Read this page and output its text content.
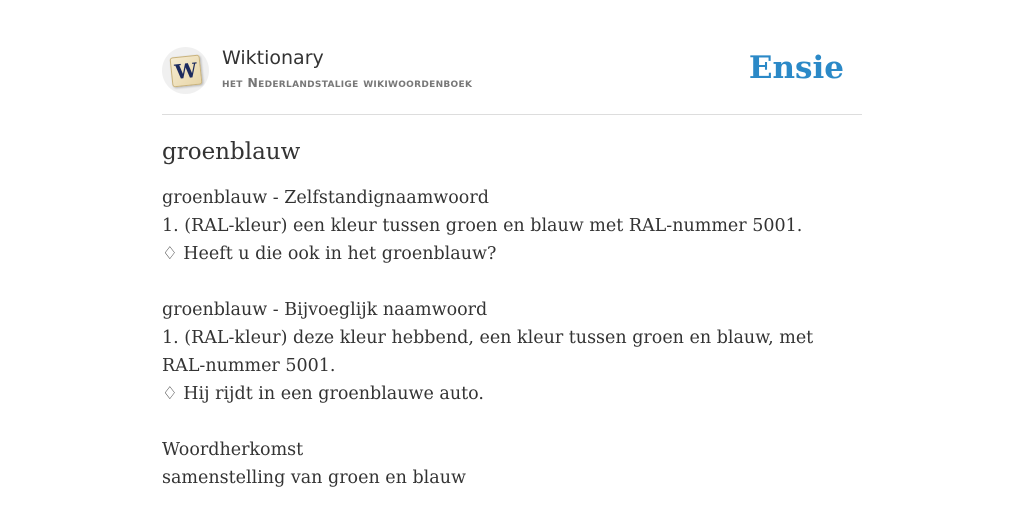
W Wiktionary
het Nederlandstalige wikiwoordenboek	Ensie
groenblauw
groenblauw - Zelfstandignaamwoord
1. (RAL-kleur) een kleur tussen groen en blauw met RAL-nummer 5001.
♢ Heeft u die ook in het groenblauw?
groenblauw - Bijvoeglijk naamwoord
1. (RAL-kleur) deze kleur hebbend, een kleur tussen groen en blauw, met RAL-nummer 5001.
♢ Hij rijdt in een groenblauwe auto.
Woordherkomst
samenstelling van groen en blauw
